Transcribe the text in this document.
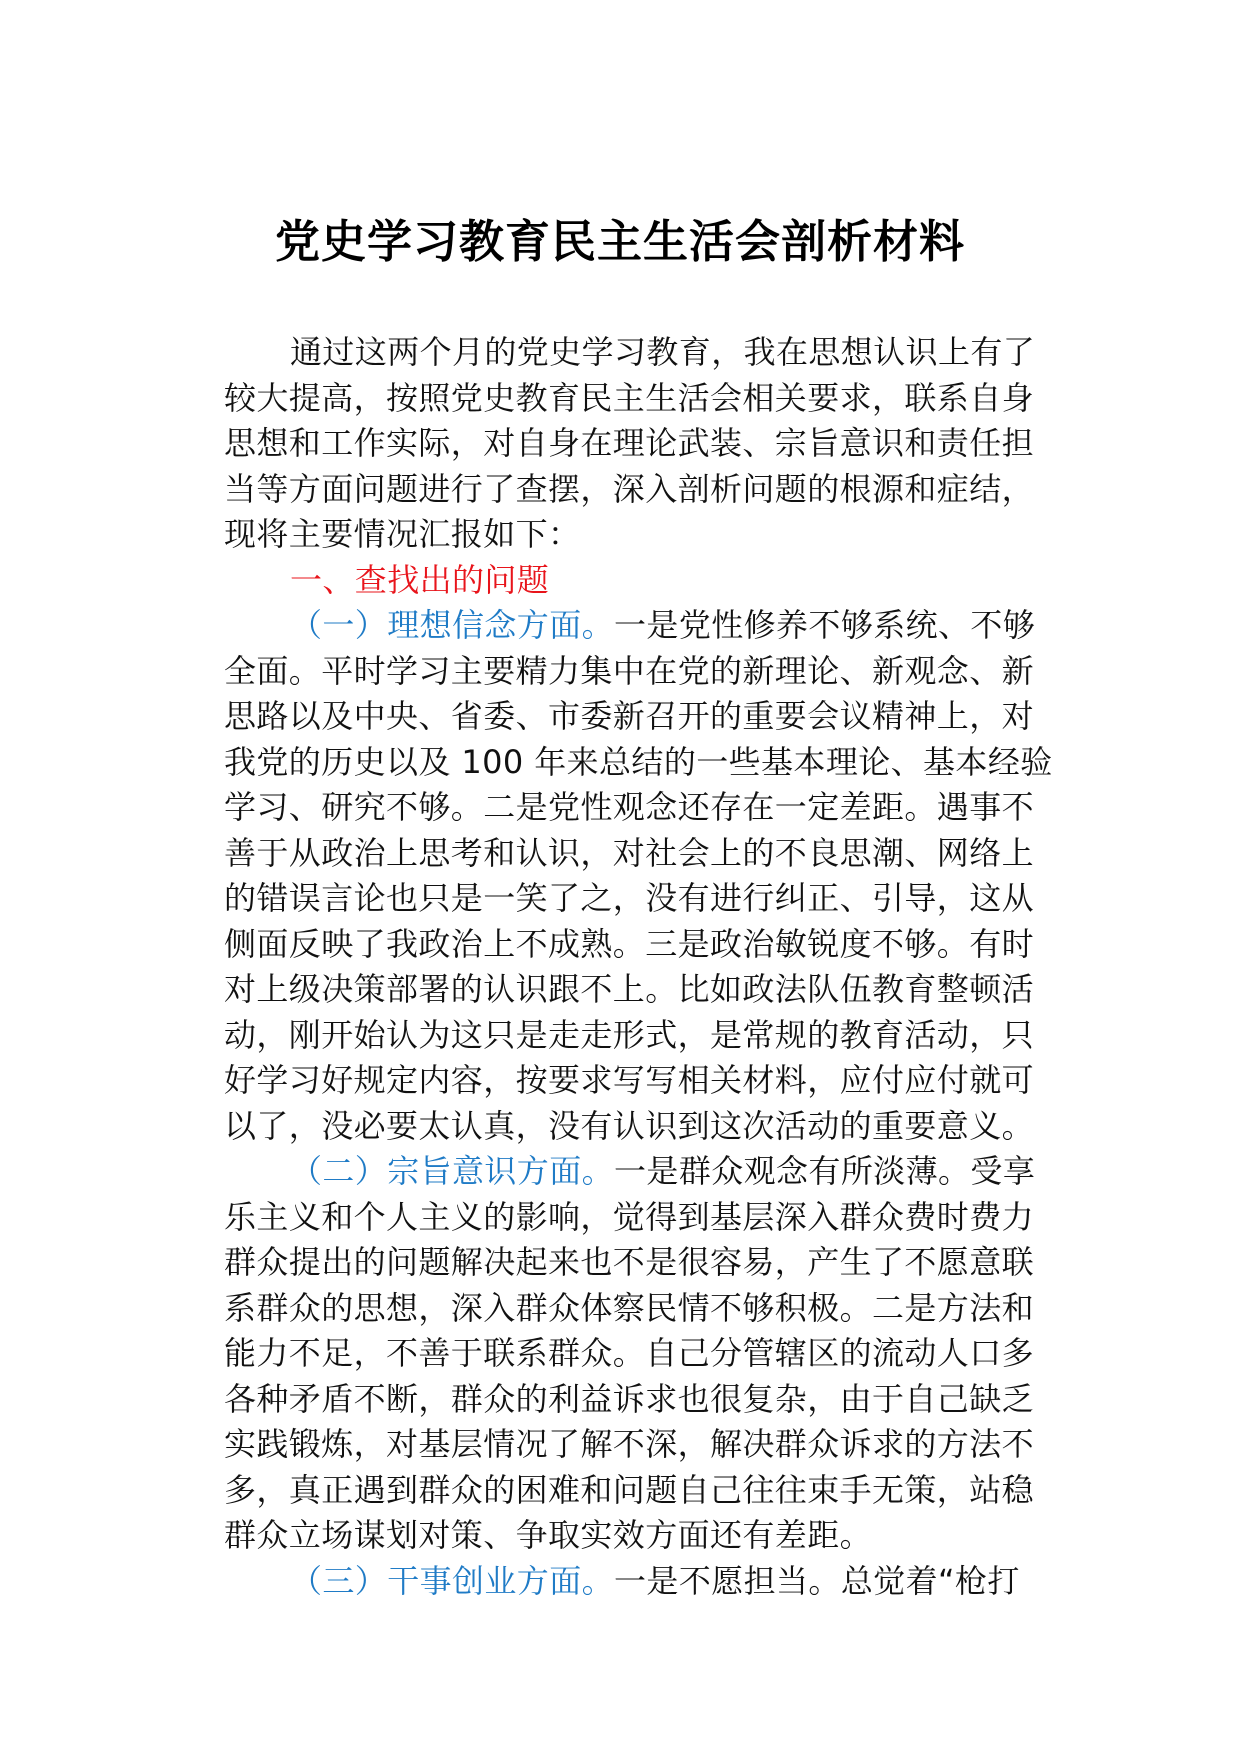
党史学习教育民主生活会剖析材料
通过这两个月的党史学习教育，我在思想认识上有了
较大提高，按照党史教育民主生活会相关要求，联系自身
思想和工作实际，对自身在理论武装、宗旨意识和责任担
当等方面问题进行了查摆，深入剖析问题的根源和症结，
现将主要情况汇报如下：
一、查找出的问题
（一）理想信念方面。一是党性修养不够系统、不够
全面。平时学习主要精力集中在党的新理论、新观念、新
思路以及中央、省委、市委新召开的重要会议精神上，对
我党的历史以及 100 年来总结的一些基本理论、基本经验
学习、研究不够。二是党性观念还存在一定差距。遇事不
善于从政治上思考和认识，对社会上的不良思潮、网络上
的错误言论也只是一笑了之，没有进行纠正、引导，这从
侧面反映了我政治上不成熟。三是政治敏锐度不够。有时
对上级决策部署的认识跟不上。比如政法队伍教育整顿活
动，刚开始认为这只是走走形式，是常规的教育活动，只
好学习好规定内容，按要求写写相关材料，应付应付就可
以了，没必要太认真，没有认识到这次活动的重要意义。
（二）宗旨意识方面。一是群众观念有所淡薄。受享
乐主义和个人主义的影响，觉得到基层深入群众费时费力
群众提出的问题解决起来也不是很容易，产生了不愿意联
系群众的思想，深入群众体察民情不够积极。二是方法和
能力不足，不善于联系群众。自己分管辖区的流动人口多
各种矛盾不断，群众的利益诉求也很复杂，由于自己缺乏
实践锻炼，对基层情况了解不深，解决群众诉求的方法不
多，真正遇到群众的困难和问题自己往往束手无策，站稳
群众立场谋划对策、争取实效方面还有差距。
（三）干事创业方面。一是不愿担当。总觉着“枪打
